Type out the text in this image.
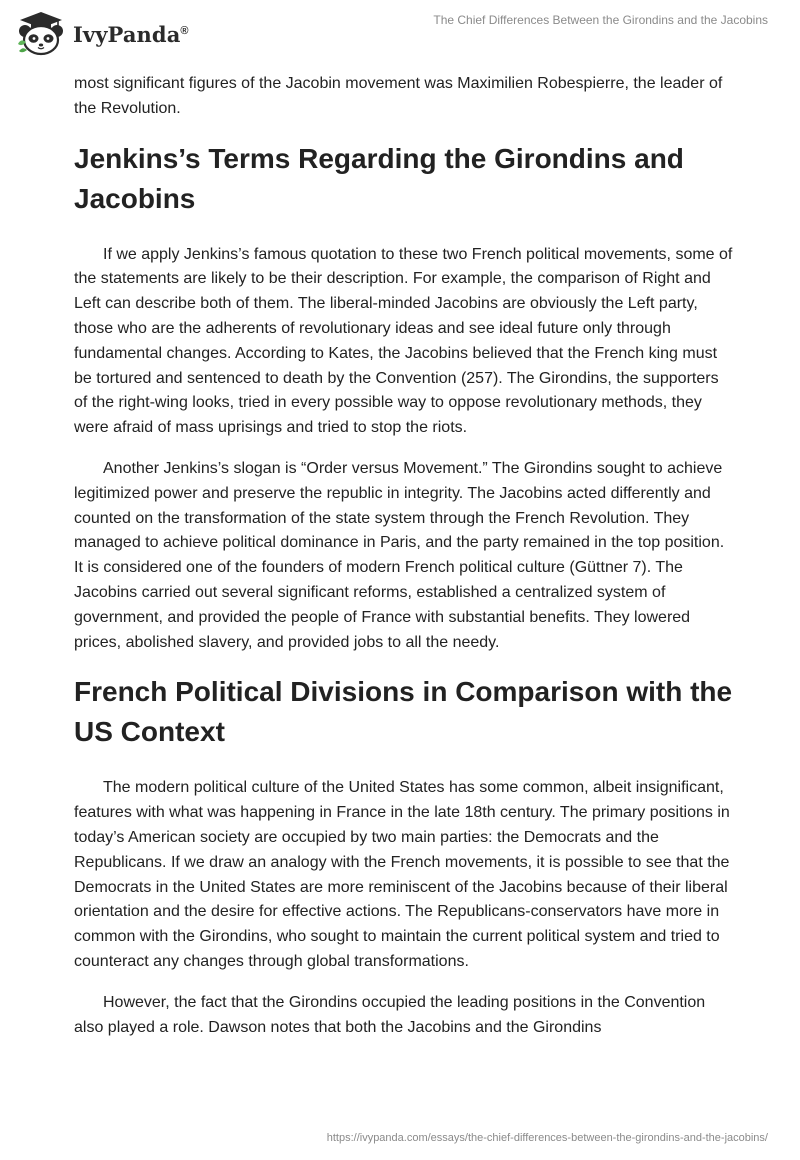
IvyPanda®
The Chief Differences Between the Girondins and the Jacobins

most significant figures of the Jacobin movement was Maximilien Robespierre, the leader of the Revolution.

Jenkins’s Terms Regarding the Girondins and Jacobins

If we apply Jenkins’s famous quotation to these two French political movements, some of the statements are likely to be their description. For example, the comparison of Right and Left can describe both of them. The liberal-minded Jacobins are obviously the Left party, those who are the adherents of revolutionary ideas and see ideal future only through fundamental changes. According to Kates, the Jacobins believed that the French king must be tortured and sentenced to death by the Convention (257). The Girondins, the supporters of the right-wing looks, tried in every possible way to oppose revolutionary methods, they were afraid of mass uprisings and tried to stop the riots.

Another Jenkins’s slogan is “Order versus Movement.” The Girondins sought to achieve legitimized power and preserve the republic in integrity. The Jacobins acted differently and counted on the transformation of the state system through the French Revolution. They managed to achieve political dominance in Paris, and the party remained in the top position. It is considered one of the founders of modern French political culture (Güttner 7). The Jacobins carried out several significant reforms, established a centralized system of government, and provided the people of France with substantial benefits. They lowered prices, abolished slavery, and provided jobs to all the needy.

French Political Divisions in Comparison with the US Context

The modern political culture of the United States has some common, albeit insignificant, features with what was happening in France in the late 18th century. The primary positions in today’s American society are occupied by two main parties: the Democrats and the Republicans. If we draw an analogy with the French movements, it is possible to see that the Democrats in the United States are more reminiscent of the Jacobins because of their liberal orientation and the desire for effective actions. The Republicans-conservators have more in common with the Girondins, who sought to maintain the current political system and tried to counteract any changes through global transformations.

However, the fact that the Girondins occupied the leading positions in the Convention also played a role. Dawson notes that both the Jacobins and the Girondins

https://ivypanda.com/essays/the-chief-differences-between-the-girondins-and-the-jacobins/
